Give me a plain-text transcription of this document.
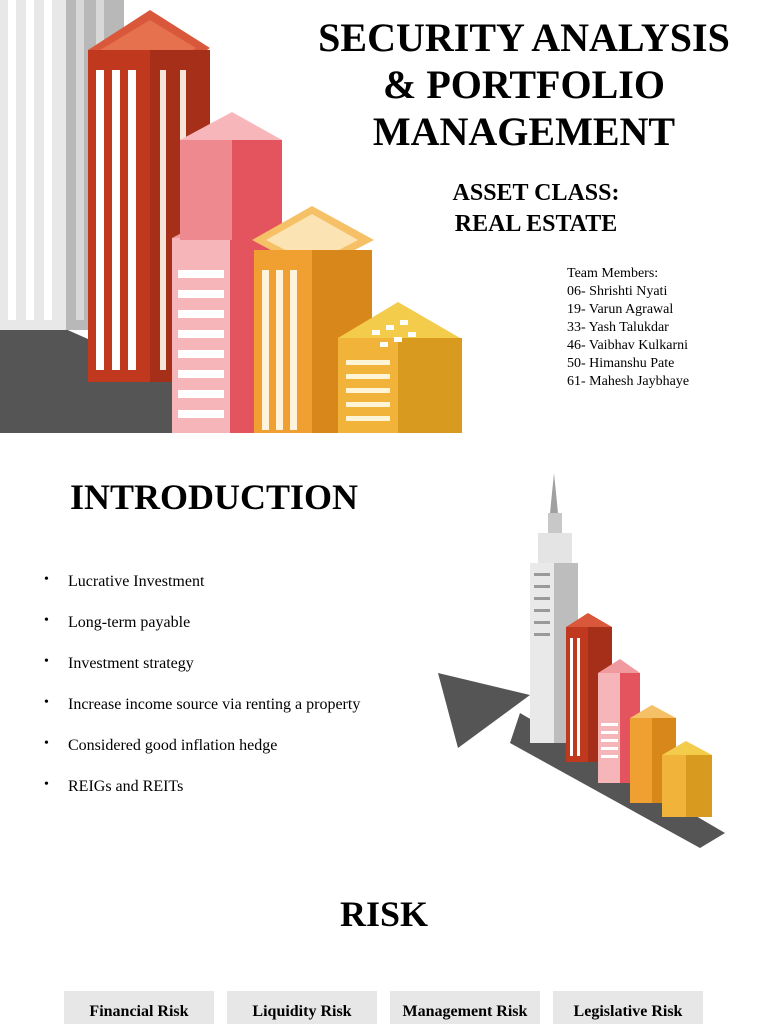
SECURITY ANALYSIS
& PORTFOLIO
MANAGEMENT
ASSET CLASS:
REAL ESTATE
Team Members:
06- Shrishti Nyati
19- Varun Agrawal
33- Yash Talukdar
46- Vaibhav Kulkarni
50- Himanshu Pate
61- Mahesh Jaybhaye
INTRODUCTION
• Lucrative Investment
• Long-term payable
• Investment strategy
• Increase income source via renting a property
• Considered good inflation hedge
• REIGs and REITs
RISK
Financial Risk	Liquidity Risk	Management Risk	Legislative Risk
